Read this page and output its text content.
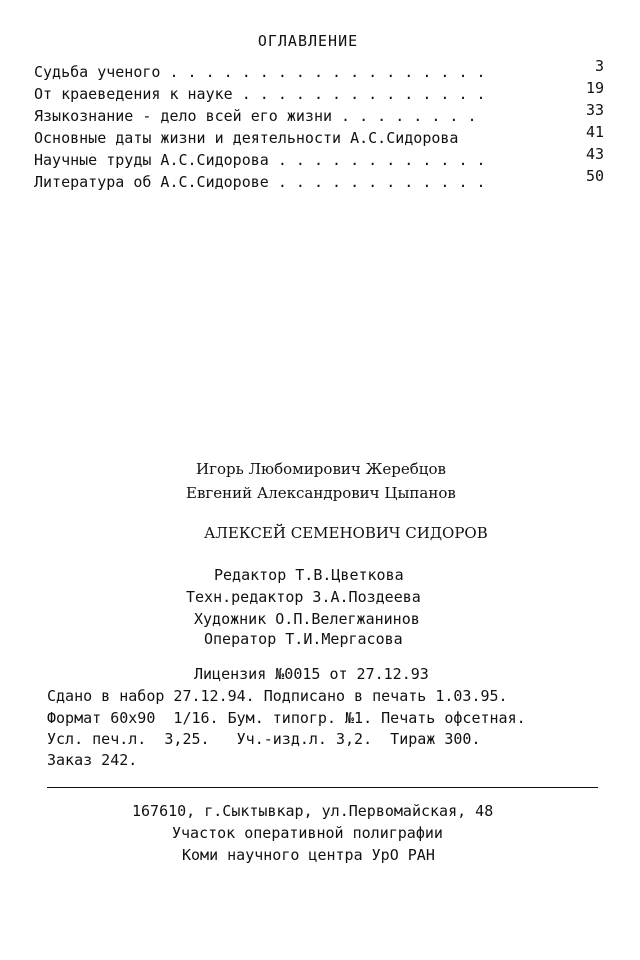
ОГЛАВЛЕНИЕ
Судьба ученого . . . . . . . . . . . . . . . . . .	3
От краеведения к науке . . . . . . . . . . . . . .	19
Языкознание - дело всей его жизни . . . . . . . .	33
Основные даты жизни и деятельности А.С.Сидорова	41
Научные труды А.С.Сидорова . . . . . . . . . . . .	43
Литература об А.С.Сидорове . . . . . . . . . . . .	50
Игорь Любомирович Жеребцов
Евгений Александрович Цыпанов
АЛЕКСЕЙ СЕМЕНОВИЧ СИДОРОВ
Редактор Т.В.Цветкова
Техн.редактор З.А.Поздеева
Художник О.П.Велегжанинов
Оператор Т.И.Мергасова
Лицензия №0015 от 27.12.93
Сдано в набор 27.12.94. Подписано в печать 1.03.95.
Формат 60x90  1/16. Бум. типогр. №1. Печать офсетная.
Усл. печ.л.  3,25.   Уч.-изд.л. 3,2.  Тираж 300.
Заказ 242.
167610, г.Сыктывкар, ул.Первомайская, 48
Участок оперативной полиграфии
Коми научного центра УрО РАН
